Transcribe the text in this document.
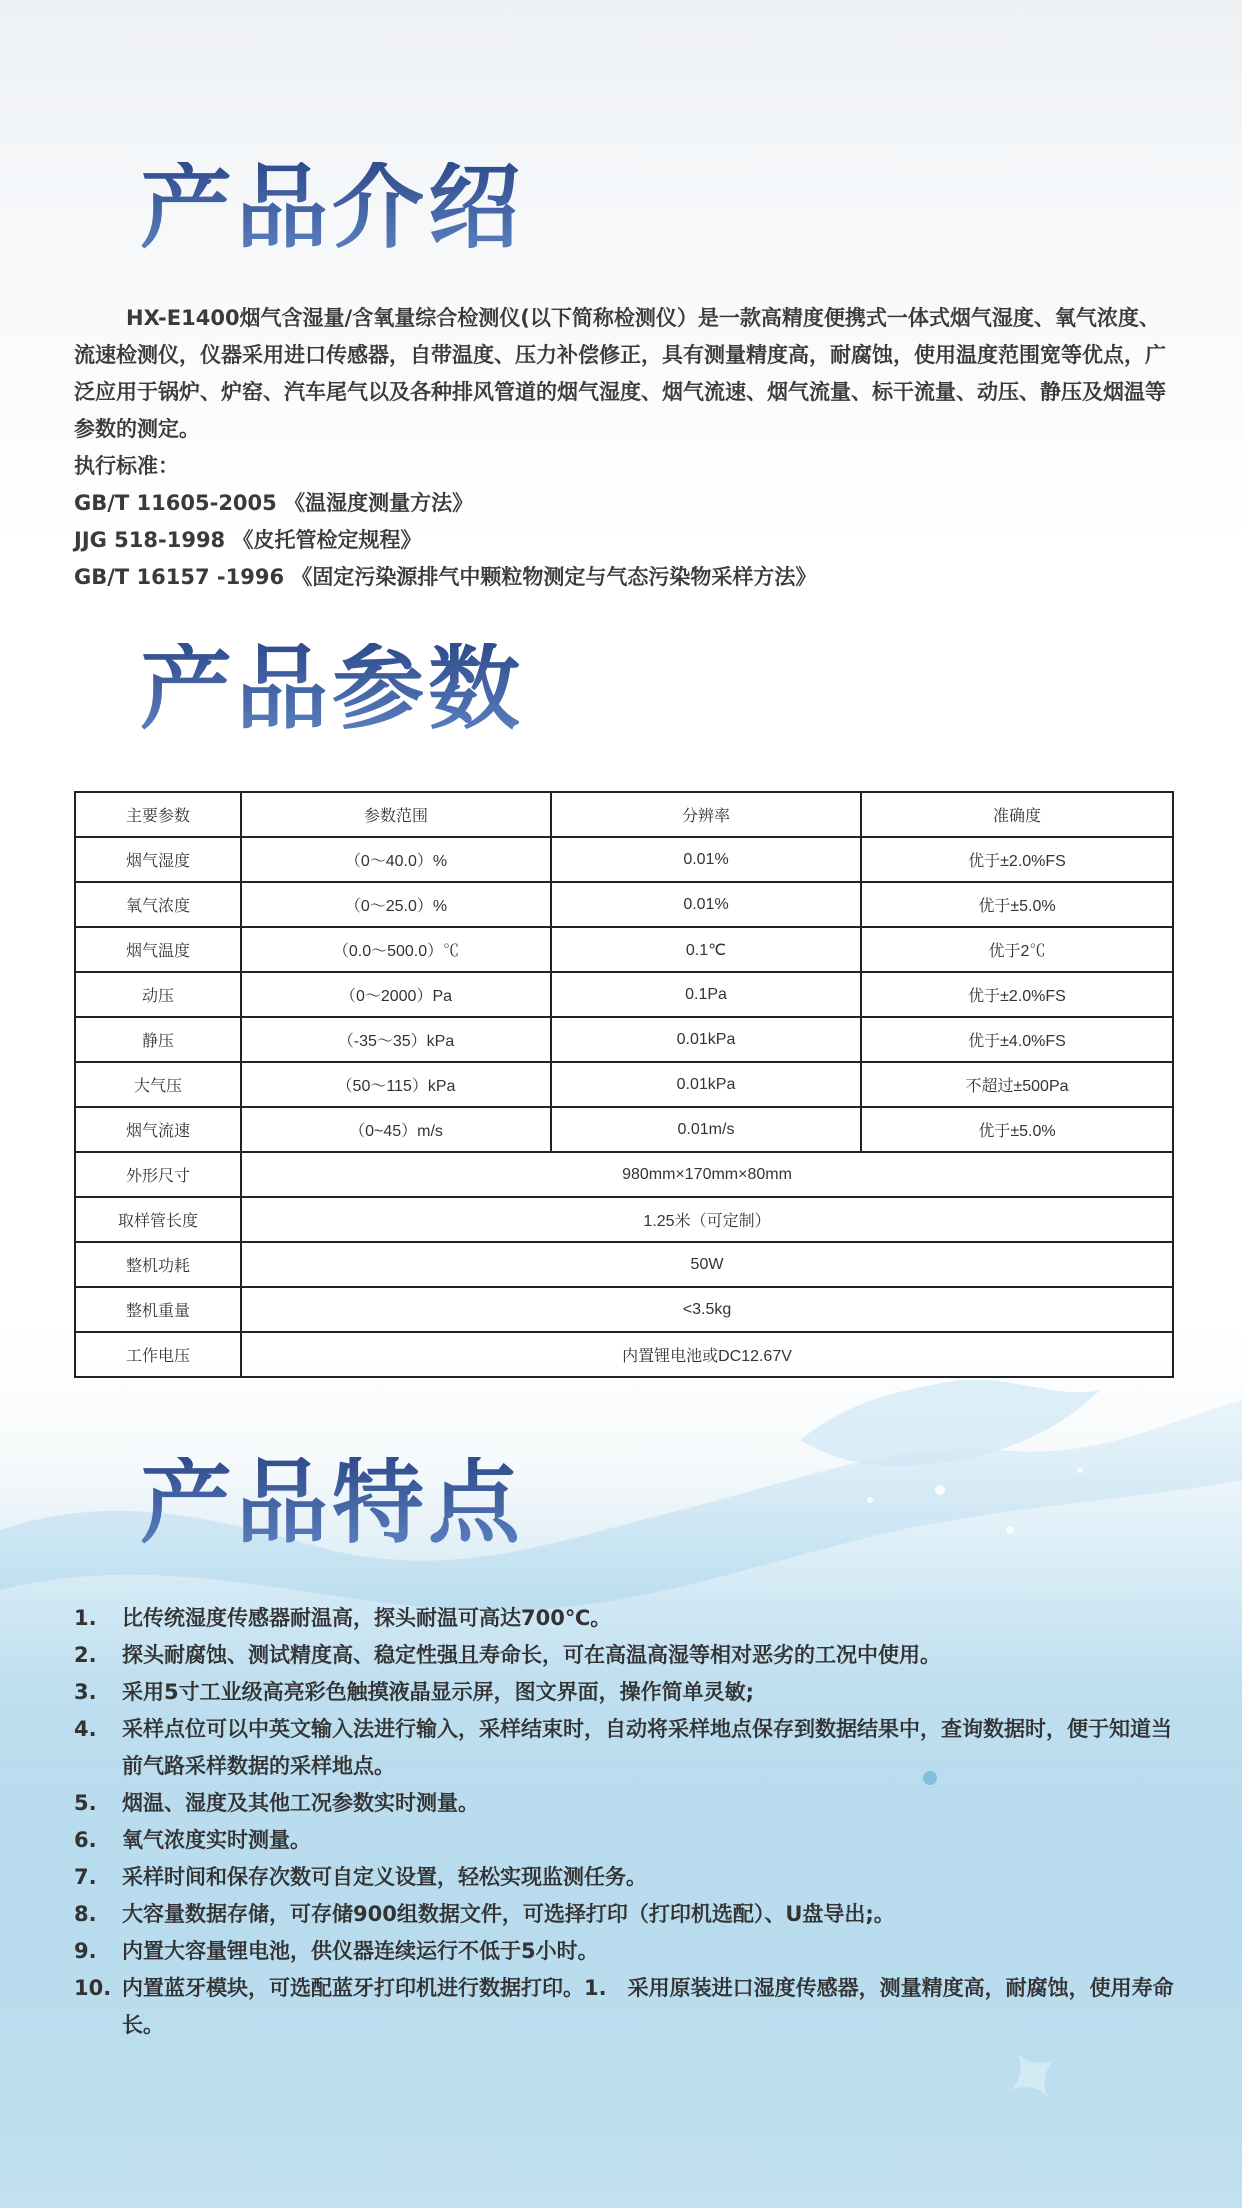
✦
产品介绍

HX-E1400烟气含湿量/含氧量综合检测仪(以下简称检测仪）是一款高精度便携式一体式烟气湿度、氧气浓度、流速检测仪，仪器采用进口传感器，自带温度、压力补偿修正，具有测量精度高，耐腐蚀，使用温度范围宽等优点，广泛应用于锅炉、炉窑、汽车尾气以及各种排风管道的烟气湿度、烟气流速、烟气流量、标干流量、动压、静压及烟温等参数的测定。

执行标准：

GB/T 11605-2005 《温湿度测量方法》

JJG 518-1998 《皮托管检定规程》

GB/T 16157 -1996 《固定污染源排气中颗粒物测定与气态污染物采样方法》

产品参数
主要参数	参数范围	分辨率	准确度
烟气湿度	（0～40.0）%	0.01%	优于±2.0%FS
氧气浓度	（0～25.0）%	0.01%	优于±5.0%
烟气温度	（0.0～500.0）℃	0.1℃	优于2℃
动压	（0～2000）Pa	0.1Pa	优于±2.0%FS
静压	（-35～35）kPa	0.01kPa	优于±4.0%FS
大气压	（50～115）kPa	0.01kPa	不超过±500Pa
烟气流速	（0~45）m/s	0.01m/s	优于±5.0%
外形尺寸	980mm×170mm×80mm		
取样管长度	1.25米（可定制）		
整机功耗	50W		
整机重量	<3.5kg		
工作电压	内置锂电池或DC12.67V		
产品特点
1. 比传统湿度传感器耐温高，探头耐温可高达700℃。
2. 探头耐腐蚀、测试精度高、稳定性强且寿命长，可在高温高湿等相对恶劣的工况中使用。
3. 采用5寸工业级高亮彩色触摸液晶显示屏，图文界面，操作简单灵敏;
4. 采样点位可以中英文输入法进行输入，采样结束时，自动将采样地点保存到数据结果中，查询数据时，便于知道当前气路采样数据的采样地点。
5. 烟温、湿度及其他工况参数实时测量。
6. 氧气浓度实时测量。
7. 采样时间和保存次数可自定义设置，轻松实现监测任务。
8. 大容量数据存储，可存储900组数据文件，可选择打印（打印机选配）、U盘导出;。
9. 内置大容量锂电池，供仪器连续运行不低于5小时。
10. 内置蓝牙模块，可选配蓝牙打印机进行数据打印。1.　采用原装进口湿度传感器，测量精度高，耐腐蚀，使用寿命长。
